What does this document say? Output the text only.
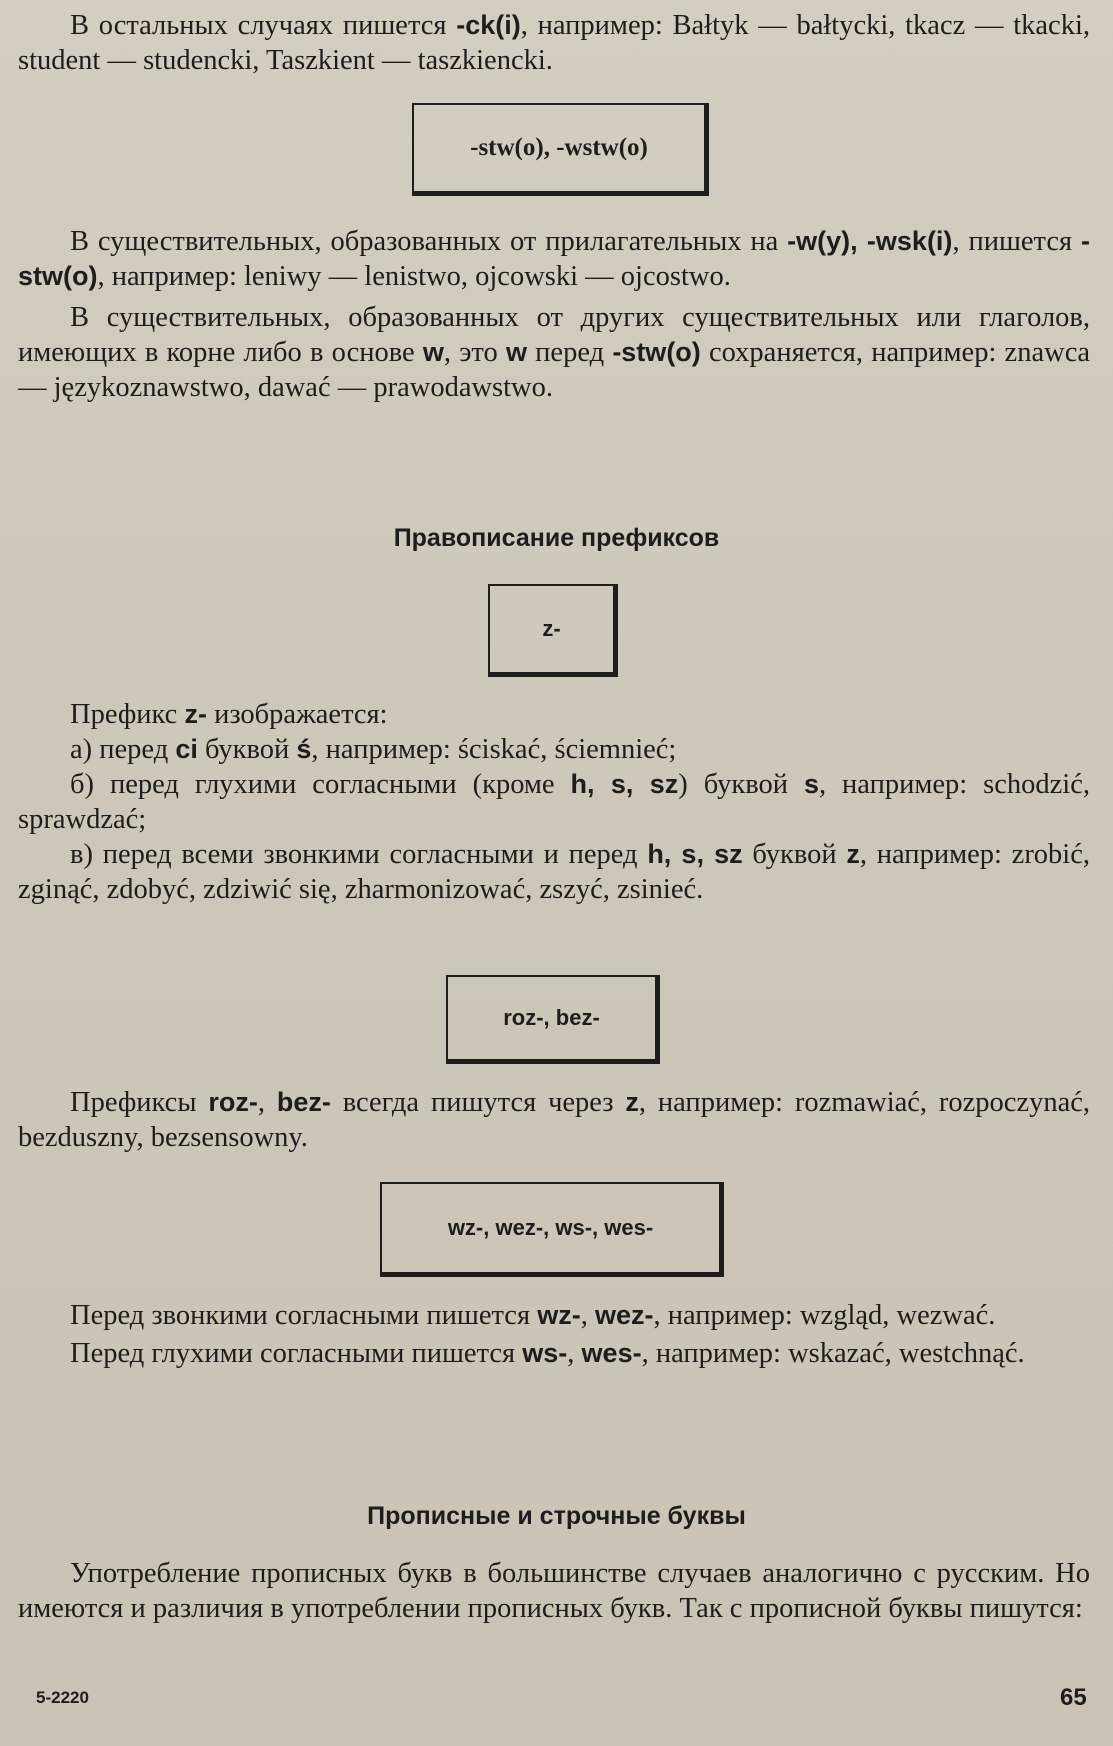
В остальных случаях пишется -ck(i), например: Bałtyk — bałtycki, tkacz — tkacki, student — studencki, Taszkient — taszkiencki.

-stw(o), -wstw(o)

В существительных, образованных от прилагательных на -w(y), -wsk(i), пишется -stw(o), например: leniwy — lenistwo, ojcowski — ojcostwo.

В существительных, образованных от других существительных или глаголов, имеющих в корне либо в основе w, это w перед -stw(o) сохраняется, например: znawca — językoznawstwo, dawać — prawodawstwo.

Правописание префиксов
z-

Префикс z- изображается:

а) перед ci буквой ś, например: ściskać, ściemnieć;

б) перед глухими согласными (кроме h, s, sz) буквой s, например: schodzić, sprawdzać;

в) перед всеми звонкими согласными и перед h, s, sz буквой z, например: zrobić, zginąć, zdobyć, zdziwić się, zharmonizować, zszyć, zsinieć.

roz-, bez-

Префиксы roz-, bez- всегда пишутся через z, например: rozmawiać, rozpoczynać, bezduszny, bezsensowny.

wz-, wez-, ws-, wes-

Перед звонкими согласными пишется wz-, wez-, например: wzgląd, wezwać.

Перед глухими согласными пишется ws-, wes-, например: wskazać, westchnąć.

Прописные и строчные буквы

Употребление прописных букв в большинстве случаев аналогично с русским. Но имеются и различия в употреблении прописных букв. Так с прописной буквы пишутся:

5-2220	65
